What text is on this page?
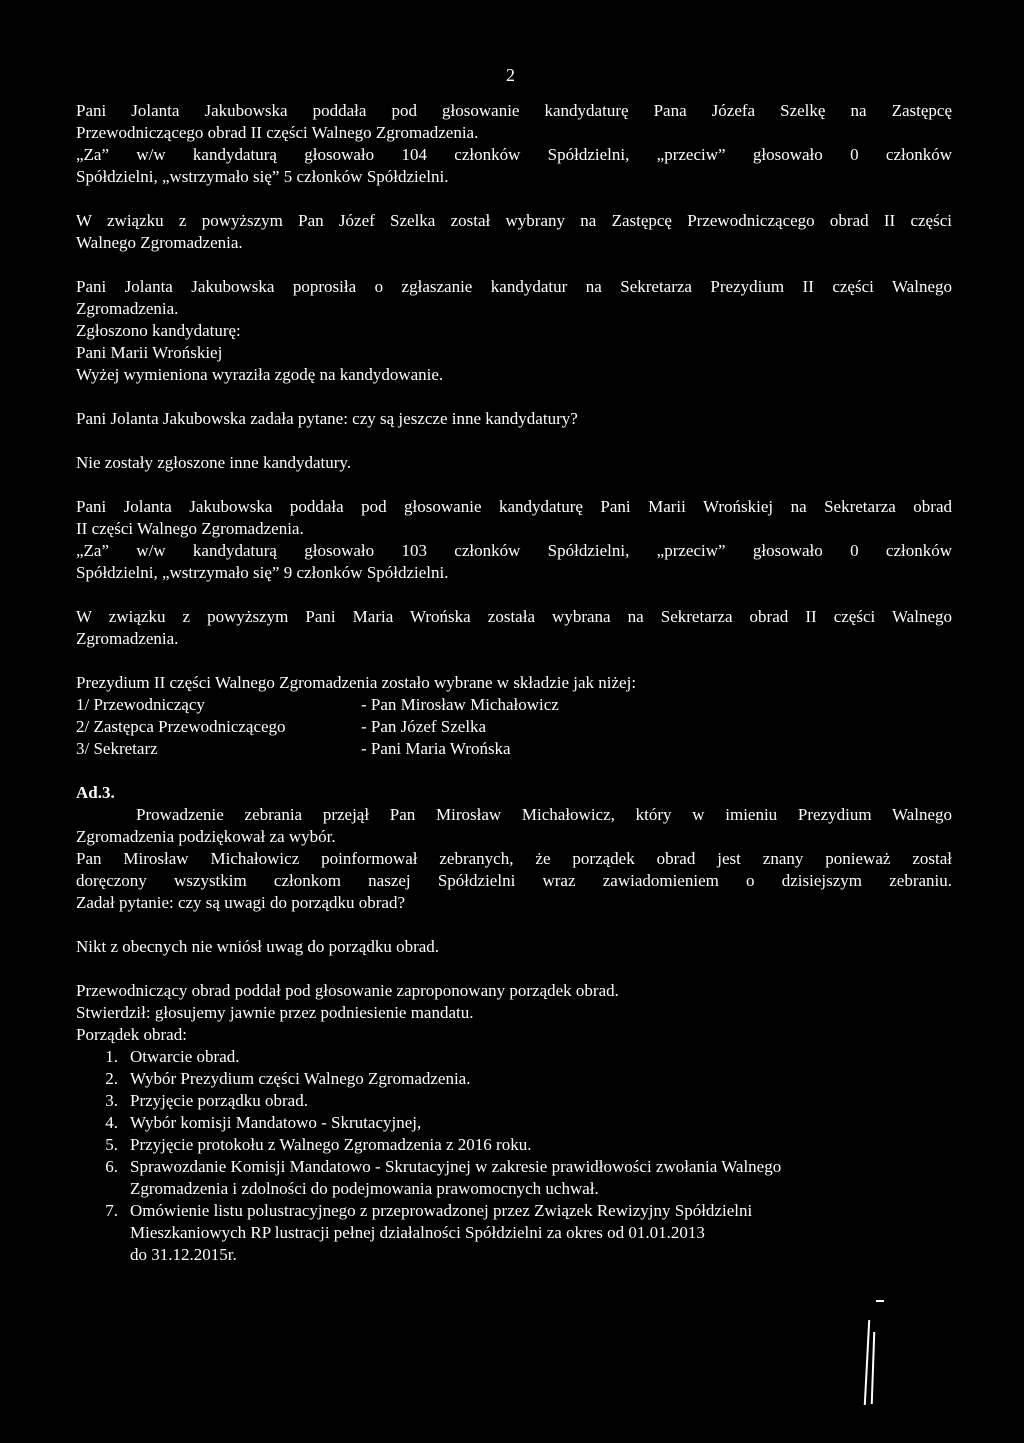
2

Pani Jolanta Jakubowska poddała pod głosowanie kandydaturę Pana Józefa Szelkę na Zastępcę

Przewodniczącego obrad II części Walnego Zgromadzenia.

„Za” w/w kandydaturą głosowało 104 członków Spółdzielni, „przeciw” głosowało 0 członków

Spółdzielni, „wstrzymało się” 5 członków Spółdzielni.

W związku z powyższym Pan Józef Szelka został wybrany na Zastępcę Przewodniczącego obrad II części

Walnego Zgromadzenia.

Pani Jolanta Jakubowska poprosiła o zgłaszanie kandydatur na Sekretarza Prezydium II części Walnego

Zgromadzenia.

Zgłoszono kandydaturę:

Pani Marii Wrońskiej

Wyżej wymieniona wyraziła zgodę na kandydowanie.

Pani Jolanta Jakubowska zadała pytane: czy są jeszcze inne kandydatury?

Nie zostały zgłoszone inne kandydatury.

Pani Jolanta Jakubowska poddała pod głosowanie kandydaturę Pani Marii Wrońskiej na Sekretarza obrad

II części Walnego Zgromadzenia.

„Za” w/w kandydaturą głosowało 103 członków Spółdzielni, „przeciw” głosowało 0 członków

Spółdzielni, „wstrzymało się” 9 członków Spółdzielni.

W związku z powyższym Pani Maria Wrońska została wybrana na Sekretarza obrad II części Walnego

Zgromadzenia.

Prezydium II części Walnego Zgromadzenia zostało wybrane w składzie jak niżej:

1/ Przewodniczący	- Pan Mirosław Michałowicz
2/ Zastępca Przewodniczącego	- Pan Józef Szelka
3/ Sekretarz	- Pani Maria Wrońska

Ad.3.

Prowadzenie zebrania przejął Pan Mirosław Michałowicz, który w imieniu Prezydium Walnego

Zgromadzenia podziękował za wybór.

Pan Mirosław Michałowicz poinformował zebranych, że porządek obrad jest znany ponieważ został

doręczony wszystkim członkom naszej Spółdzielni wraz zawiadomieniem o dzisiejszym zebraniu.

Zadał pytanie: czy są uwagi do porządku obrad?

Nikt z obecnych nie wniósł uwag do porządku obrad.

Przewodniczący obrad poddał pod głosowanie zaproponowany porządek obrad.

Stwierdził: głosujemy jawnie przez podniesienie mandatu.

Porządek obrad:

1. Otwarcie obrad.
2. Wybór Prezydium części Walnego Zgromadzenia.
3. Przyjęcie porządku obrad.
4. Wybór komisji Mandatowo - Skrutacyjnej,
5. Przyjęcie protokołu z Walnego Zgromadzenia z 2016 roku.
6. Sprawozdanie Komisji Mandatowo - Skrutacyjnej w zakresie prawidłowości zwołania Walnego
Zgromadzenia i zdolności do podejmowania prawomocnych uchwał.
7. Omówienie listu polustracyjnego z przeprowadzonej przez Związek Rewizyjny Spółdzielni
Mieszkaniowych RP lustracji pełnej działalności Spółdzielni za okres od 01.01.2013
do 31.12.2015r.
